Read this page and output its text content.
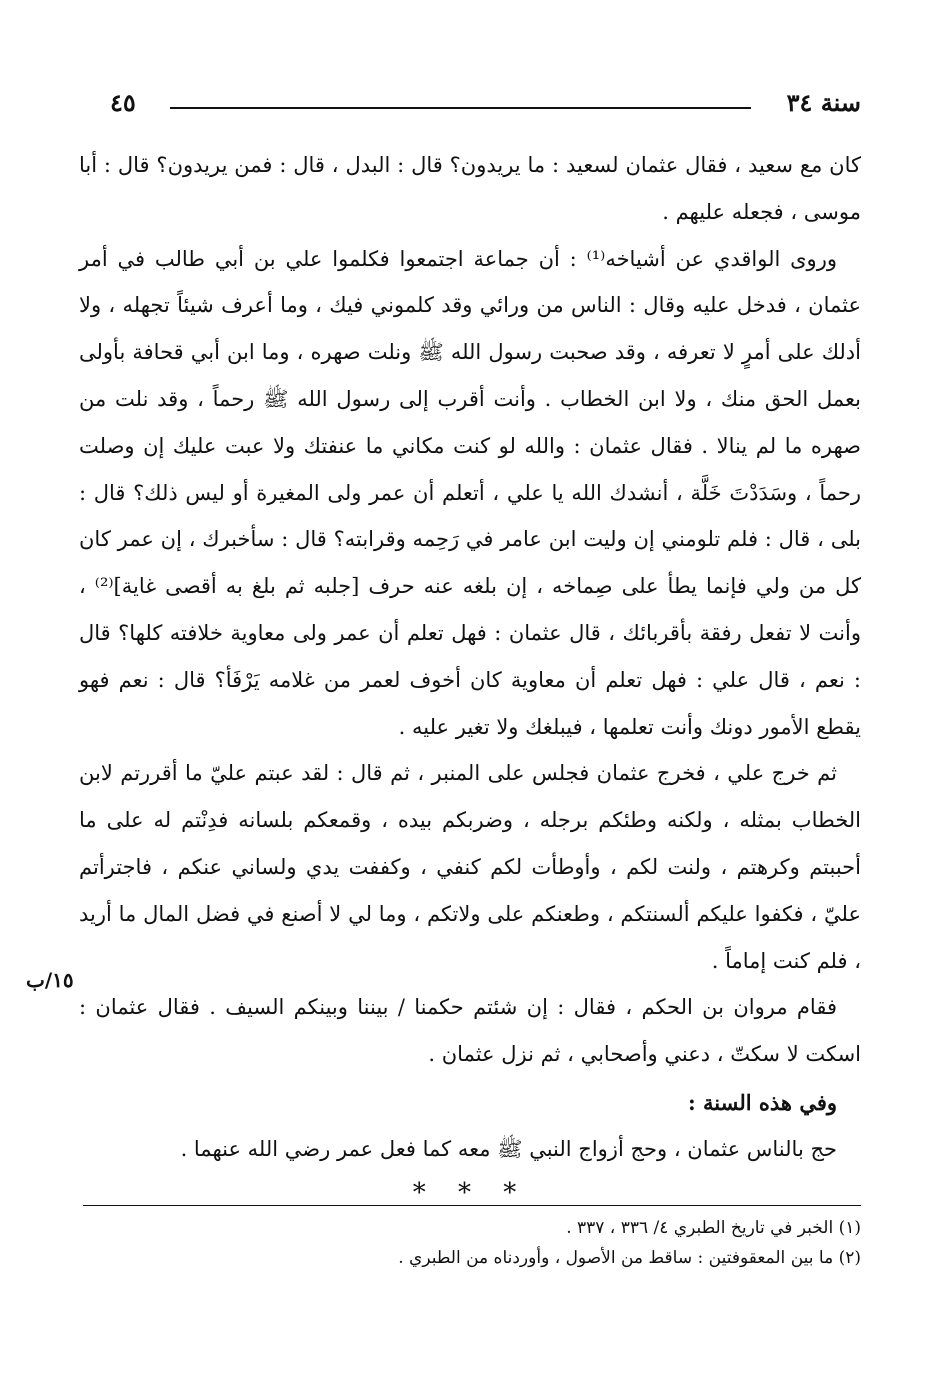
سنة ٣٤
٤٥

كان مع سعيد ، فقال عثمان لسعيد : ما يريدون؟ قال : البدل ، قال : فمن يريدون؟ قال : أبا موسى ، فجعله عليهم .

وروى الواقدي عن أشياخه⁽¹⁾ : أن جماعة اجتمعوا فكلموا علي بن أبي طالب في أمر عثمان ، فدخل عليه وقال : الناس من ورائي وقد كلموني فيك ، وما أعرف شيئاً تجهله ، ولا أدلك على أمرٍ لا تعرفه ، وقد صحبت رسول الله ﷺ ونلت صهره ، وما ابن أبي قحافة بأولى بعمل الحق منك ، ولا ابن الخطاب . وأنت أقرب إلى رسول الله ﷺ رحماً ، وقد نلت من صهره ما لم ينالا . فقال عثمان : والله لو كنت مكاني ما عنفتك ولا عبت عليك إن وصلت رحماً ، وسَدَدْتَ خَلَّة ، أنشدك الله يا علي ، أتعلم أن عمر ولى المغيرة أو ليس ذلك؟ قال : بلى ، قال : فلم تلومني إن وليت ابن عامر في رَحِمه وقرابته؟ قال : سأخبرك ، إن عمر كان كل من ولي فإنما يطأ على صِماخه ، إن بلغه عنه حرف [جلبه ثم بلغ به أقصى غاية]⁽²⁾ ، وأنت لا تفعل رفقة بأقربائك ، قال عثمان : فهل تعلم أن عمر ولى معاوية خلافته كلها؟ قال : نعم ، قال علي : فهل تعلم أن معاوية كان أخوف لعمر من غلامه يَرْفَأ؟ قال : نعم فهو يقطع الأمور دونك وأنت تعلمها ، فيبلغك ولا تغير عليه .

ثم خرج علي ، فخرج عثمان فجلس على المنبر ، ثم قال : لقد عبتم عليّ ما أقررتم لابن الخطاب بمثله ، ولكنه وطئكم برجله ، وضربكم بيده ، وقمعكم بلسانه فدِنْتم له على ما أحببتم وكرهتم ، ولنت لكم ، وأوطأت لكم كنفي ، وكففت يدي ولساني عنكم ، فاجترأتم عليّ ، فكفوا عليكم ألسنتكم ، وطعنكم على ولاتكم ، وما لي لا أصنع في فضل المال ما أريد ، فلم كنت إماماً .

فقام مروان بن الحكم ، فقال : إن شئتم حكمنا / بيننا وبينكم السيف . فقال عثمان : اسكت لا سكتّ ، دعني وأصحابي ، ثم نزل عثمان .

وفي هذه السنة :

حج بالناس عثمان ، وحج أزواج النبي ﷺ معه كما فعل عمر رضي الله عنهما .

١٥/ب
* * *

(١) الخبر في تاريخ الطبري ٤/ ٣٣٦ ، ٣٣٧ .

(٢) ما بين المعقوفتين : ساقط من الأصول ، وأوردناه من الطبري .
